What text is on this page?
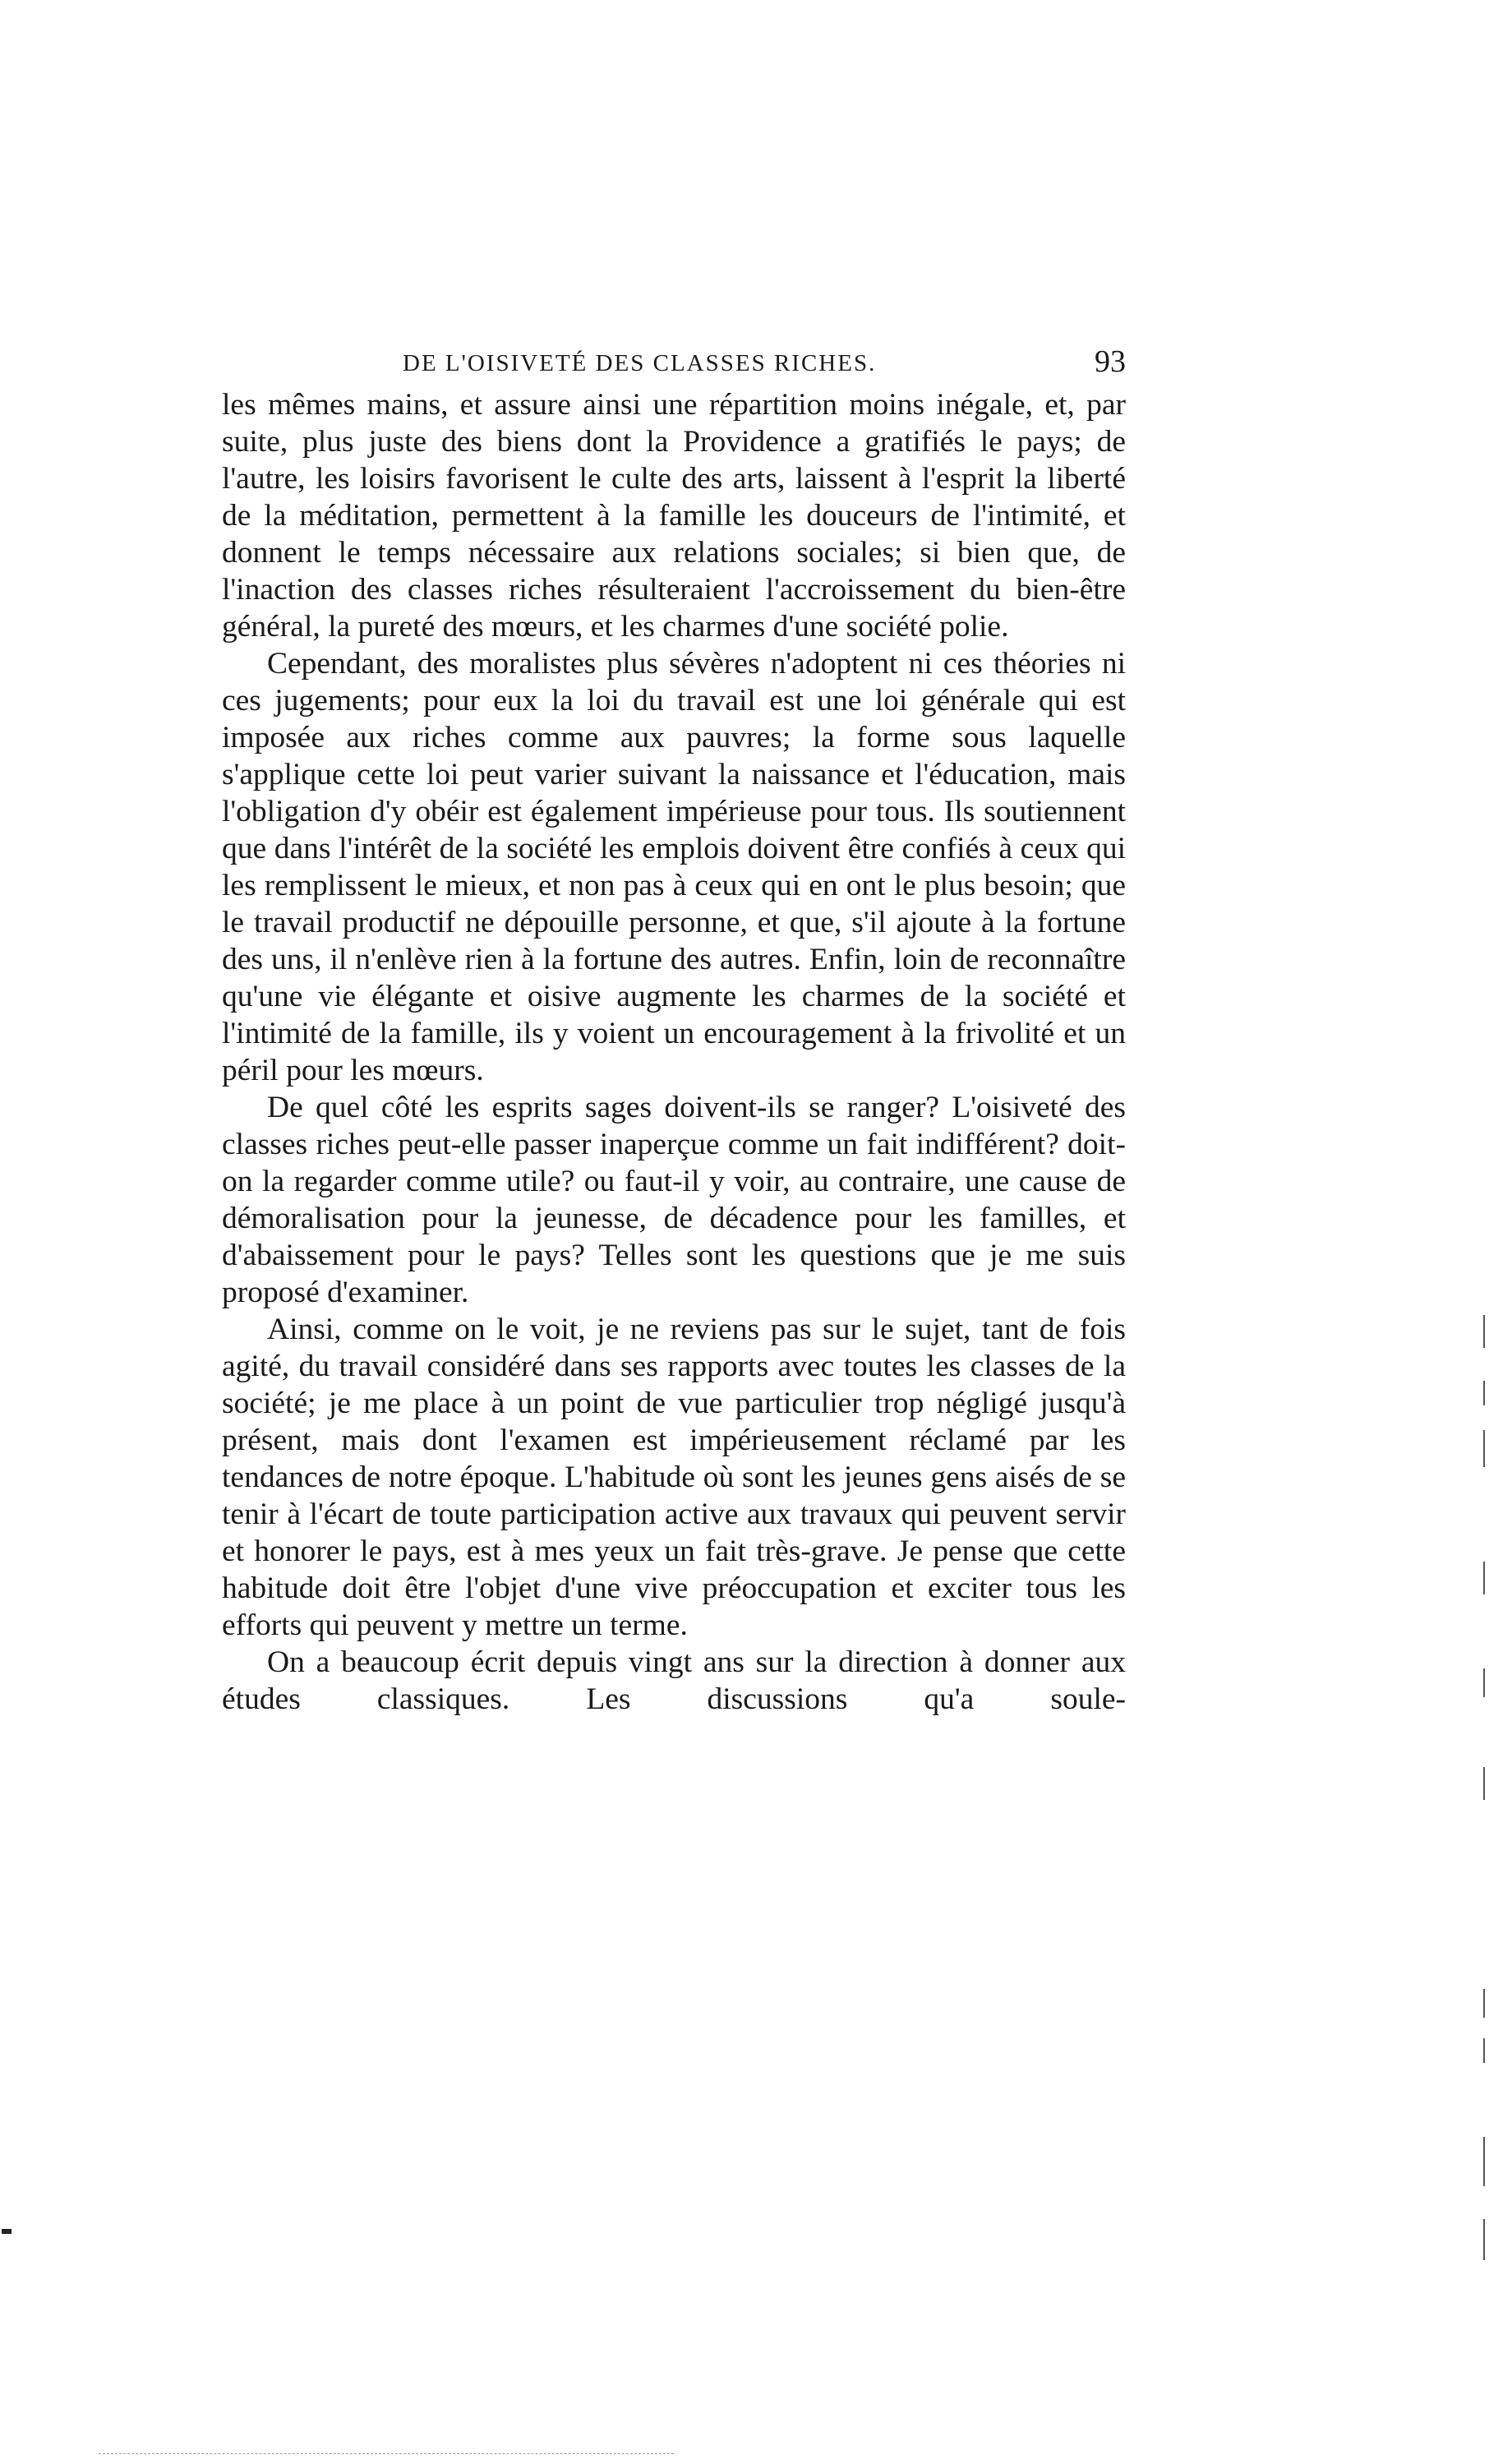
DE L'OISIVETÉ DES CLASSES RICHES.	93

les mêmes mains, et assure ainsi une répartition moins inégale, et, par suite, plus juste des biens dont la Providence a gratifiés le pays; de l'autre, les loisirs favorisent le culte des arts, laissent à l'esprit la liberté de la méditation, permettent à la famille les douceurs de l'intimité, et donnent le temps nécessaire aux relations sociales; si bien que, de l'inaction des classes riches résulteraient l'accroissement du bien-être général, la pureté des mœurs, et les charmes d'une société polie.

Cependant, des moralistes plus sévères n'adoptent ni ces théories ni ces jugements; pour eux la loi du travail est une loi générale qui est imposée aux riches comme aux pauvres; la forme sous laquelle s'applique cette loi peut varier suivant la naissance et l'éducation, mais l'obligation d'y obéir est également impérieuse pour tous. Ils soutiennent que dans l'intérêt de la société les emplois doivent être confiés à ceux qui les remplissent le mieux, et non pas à ceux qui en ont le plus besoin; que le travail productif ne dépouille personne, et que, s'il ajoute à la fortune des uns, il n'enlève rien à la fortune des autres. Enfin, loin de reconnaître qu'une vie élégante et oisive augmente les charmes de la société et l'intimité de la famille, ils y voient un encouragement à la frivolité et un péril pour les mœurs.

De quel côté les esprits sages doivent-ils se ranger? L'oisiveté des classes riches peut-elle passer inaperçue comme un fait indifférent? doit-on la regarder comme utile? ou faut-il y voir, au contraire, une cause de démoralisation pour la jeunesse, de décadence pour les familles, et d'abaissement pour le pays? Telles sont les questions que je me suis proposé d'examiner.

Ainsi, comme on le voit, je ne reviens pas sur le sujet, tant de fois agité, du travail considéré dans ses rapports avec toutes les classes de la société; je me place à un point de vue particulier trop négligé jusqu'à présent, mais dont l'examen est impérieusement réclamé par les tendances de notre époque. L'habitude où sont les jeunes gens aisés de se tenir à l'écart de toute participation active aux travaux qui peuvent servir et honorer le pays, est à mes yeux un fait très-grave. Je pense que cette habitude doit être l'objet d'une vive préoccupation et exciter tous les efforts qui peuvent y mettre un terme.

On a beaucoup écrit depuis vingt ans sur la direction à donner aux études classiques. Les discussions qu'a soule-
